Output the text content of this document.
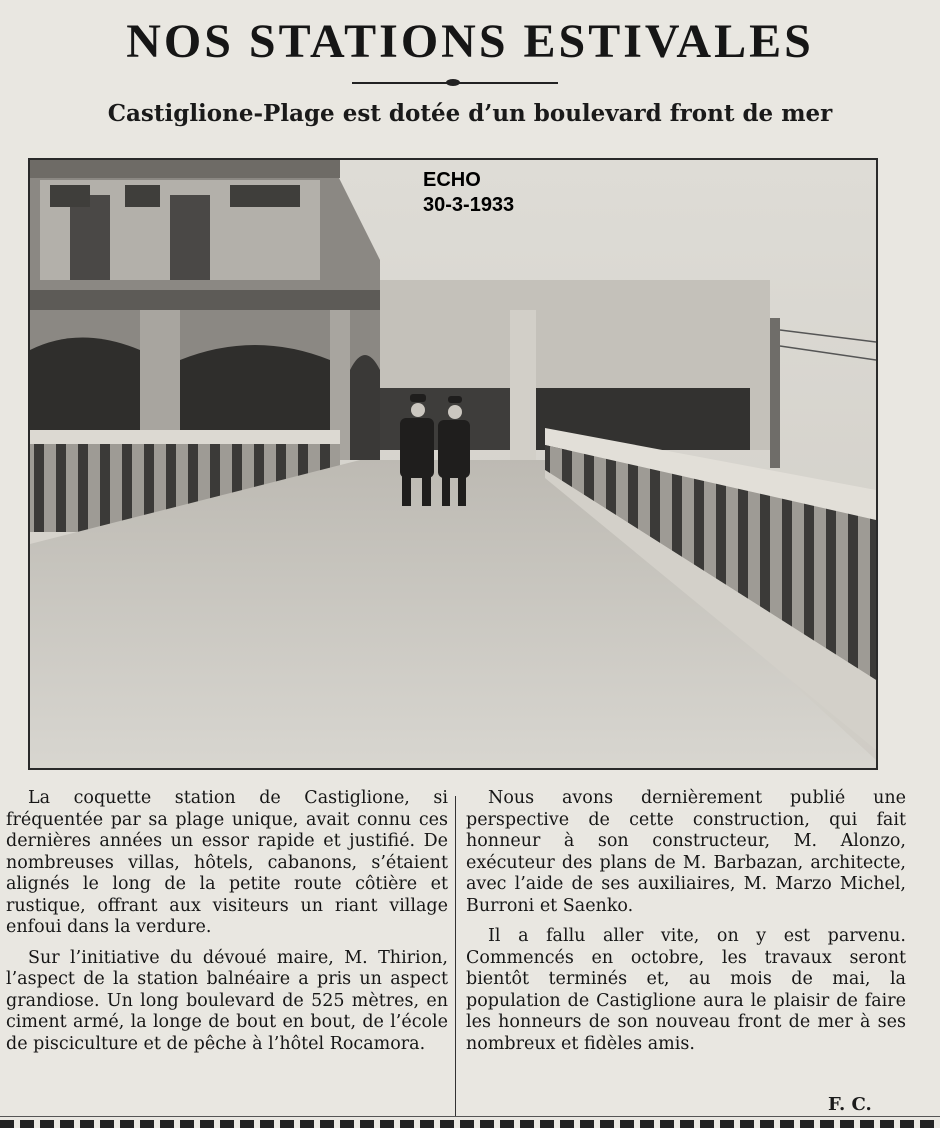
NOS STATIONS ESTIVALES
Castiglione-Plage est dotée d’un boulevard front de mer
ECHO
30-3-1933

La coquette station de Castiglione, si fréquentée par sa plage unique, avait connu ces dernières années un essor rapide et justifié. De nombreuses villas, hôtels, cabanons, s’étaient alignés le long de la petite route côtière et rustique, offrant aux visiteurs un riant village enfoui dans la verdure.

Sur l’initiative du dévoué maire, M. Thirion, l’aspect de la station balnéaire a pris un aspect grandiose. Un long boulevard de 525 mètres, en ciment armé, la longe de bout en bout, de l’école de pisciculture et de pêche à l’hôtel Rocamora.

Nous avons dernièrement publié une perspective de cette construction, qui fait honneur à son constructeur, M. Alonzo, exécuteur des plans de M. Barbazan, architecte, avec l’aide de ses auxiliaires, M. Marzo Michel, Burroni et Saenko.

Il a fallu aller vite, on y est parvenu. Commencés en octobre, les travaux seront bientôt terminés et, au mois de mai, la population de Castiglione aura le plaisir de faire les honneurs de son nouveau front de mer à ses nombreux et fidèles amis.

F. C.
